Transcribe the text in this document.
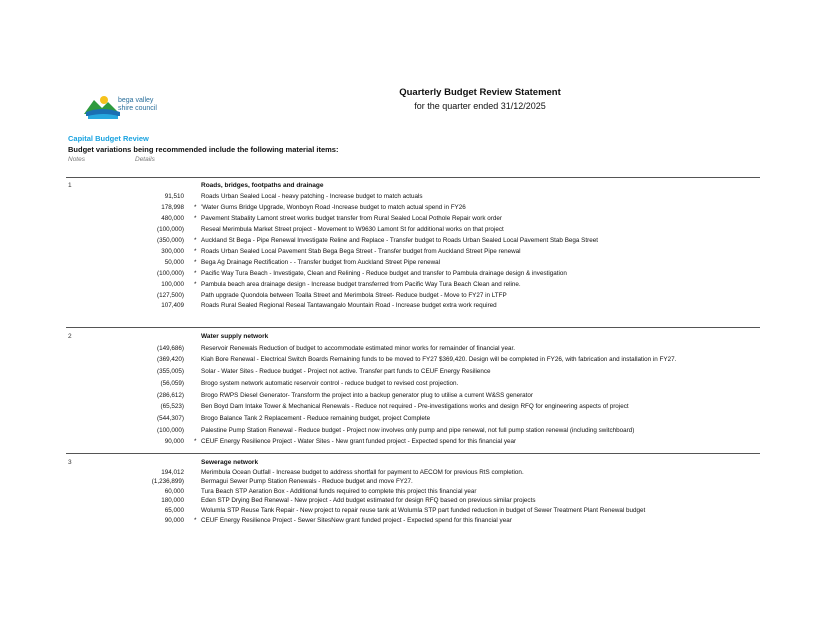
bega valley
shire council
Quarterly Budget Review Statement
for the quarter ended 31/12/2025
Capital Budget Review
Budget variations being recommended include the following material items:
Notes	Details
1	Roads, bridges, footpaths and drainage
91,510	Roads Urban Sealed Local - heavy patching - Increase budget to match actuals
178,998 * 'Water Gums Bridge Upgrade, Wonboyn Road -Increase budget to match actual spend in FY26
480,000 * Pavement Stabality Lamont street works budget transfer from Rural Sealed Local Pothole Repair work order
(100,000)	Reseal Merimbula Market Street project - Movement to W9630 Lamont St for additional works on that project
(350,000) * Auckland St Bega - Pipe Renewal Investigate Reline and Replace - Transfer budget to Roads Urban Sealed Local Pavement Stab Bega Street
300,000 * Roads Urban Sealed Local Pavement Stab Bega Bega Street - Transfer budget from Auckland Street Pipe renewal
50,000 * Bega Ag Drainage Rectification - - Transfer budget from Auckland Street Pipe renewal
(100,000) * Pacific Way Tura Beach - Investigate, Clean and Relining - Reduce budget and transfer to Pambula drainage design & investigation
100,000 * Pambula beach area drainage design - Increase budget transferred from Pacific Way Tura Beach Clean and reline.
(127,500)	Path upgrade Quondola between Toalla Street and Merimbola Street- Reduce budget - Move to FY27 in LTFP
107,409	Roads Rural Sealed Regional Reseal Tantawangalo Mountain Road - Increase budget extra work required
2	Water supply network
(149,686)	Reservoir Renewals Reduction of budget to accommodate estimated minor works for remainder of financial year.
(369,420)	Kiah Bore Renewal - Electrical Switch Boards Remaining funds to be moved to FY27 $369,420. Design will be completed in FY26, with fabrication and installation in FY27.
(355,005)	Solar - Water Sites - Reduce budget - Project not active. Transfer part funds to CEUF Energy Resilience
(56,059)	Brogo system network automatic reservoir control - reduce budget to revised cost projection.
(286,612)	Brogo RWPS Diesel Generator- Transform the project into a backup generator plug to utilise a current W&SS generator
(65,523)	Ben Boyd Dam Intake Tower & Mechanical Renewals - Reduce not required - Pre-investigations works and design RFQ for engineering aspects of project
(544,307)	Brogo Balance Tank 2 Replacement - Reduce remaining budget, project Complete
(100,000)	Palestine Pump Station Renewal - Reduce budget - Project now involves only pump and pipe renewal, not full pump station renewal (including switchboard)
90,000 * CEUF Energy Resilience Project - Water Sites - New grant funded project - Expected spend for this financial year
3	Sewerage network
194,012	Merimbula Ocean Outfall - Increase budget to address shortfall for payment to AECOM for previous RtS completion.
(1,236,899)	Bermagui Sewer Pump Station Renewals - Reduce budget and move FY27.
60,000	Tura Beach STP Aeration Box - Additional funds required to complete this project this financial year
180,000	Eden STP Drying Bed Renewal - New project - Add budget estimated for design RFQ based on previous similar projects
65,000	Wolumla STP Reuse Tank Repair - New project to repair reuse tank at Wolumla STP part funded reduction in budget of Sewer Treatment Plant Renewal budget
90,000 * CEUF Energy Resilience Project - Sewer SitesNew grant funded project - Expected spend for this financial year
